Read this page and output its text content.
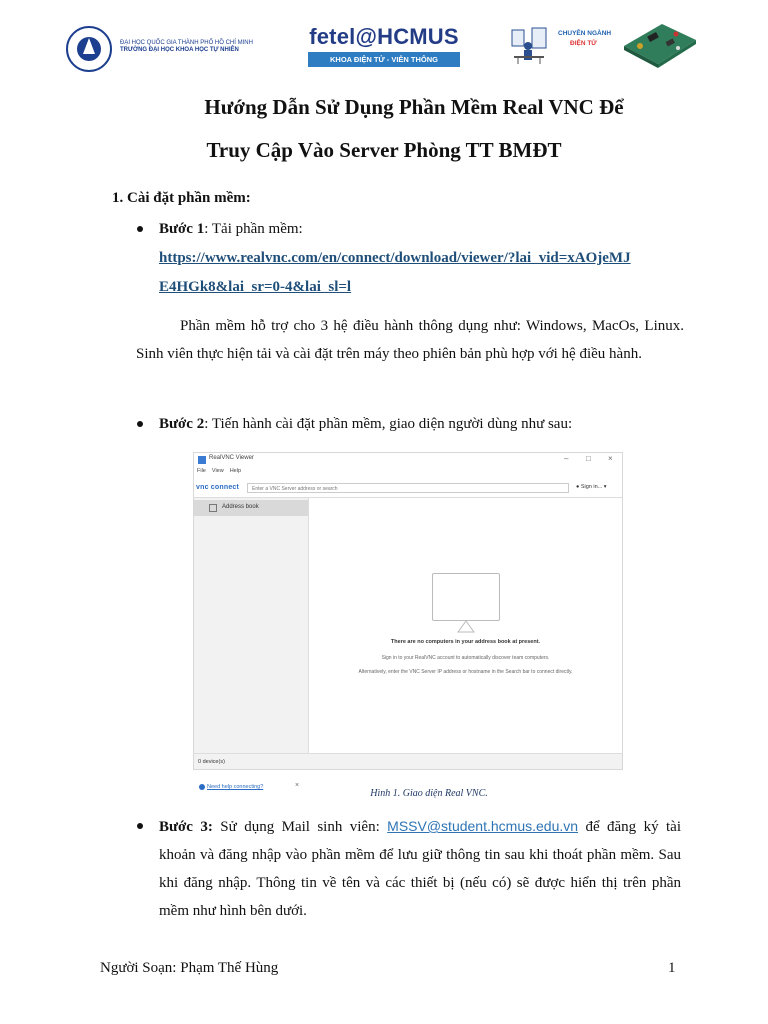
ĐẠI HỌC QUỐC GIA THÀNH PHỐ HỒ CHÍ MINH
TRƯỜNG ĐẠI HỌC KHOA HỌC TỰ NHIÊN
fetel@HCMUS
KHOA ĐIỆN TỬ - VIỄN THÔNG
CHUYÊN NGÀNH
ĐIỆN TỬ
Hướng Dẫn Sử Dụng Phần Mềm Real VNC Để
Truy Cập Vào Server Phòng TT BMĐT
1. Cài đặt phần mềm:
Bước 1: Tải phần mềm:
https://www.realvnc.com/en/connect/download/viewer/?lai_vid=xAOjeMJ
E4HGk8&lai_sr=0-4&lai_sl=l
Phần mềm hỗ trợ cho 3 hệ điều hành thông dụng như: Windows, MacOs, Linux. Sinh viên thực hiện tải và cài đặt trên máy theo phiên bản phù hợp với hệ điều hành.
Bước 2: Tiến hành cài đặt phần mềm, giao diện người dùng như sau:
RealVNC Viewer	– □ ×
File View Help
vnc connect	Enter a VNC Server address or search	● Sign in... ▾
Address book
Need help connecting?	×
There are no computers in your address book at present.
Sign in to your RealVNC account to automatically discover team computers.
Alternatively, enter the VNC Server IP address or hostname in the Search bar to connect directly.
0 device(s)
Hình 1. Giao diện Real VNC.
Bước 3: Sử dụng Mail sinh viên: MSSV@student.hcmus.edu.vn để đăng ký tài khoản và đăng nhập vào phần mềm để lưu giữ thông tin sau khi thoát phần mềm. Sau khi đăng nhập. Thông tin về tên và các thiết bị (nếu có) sẽ được hiển thị trên phần mềm như hình bên dưới.
Người Soạn: Phạm Thế Hùng	1
